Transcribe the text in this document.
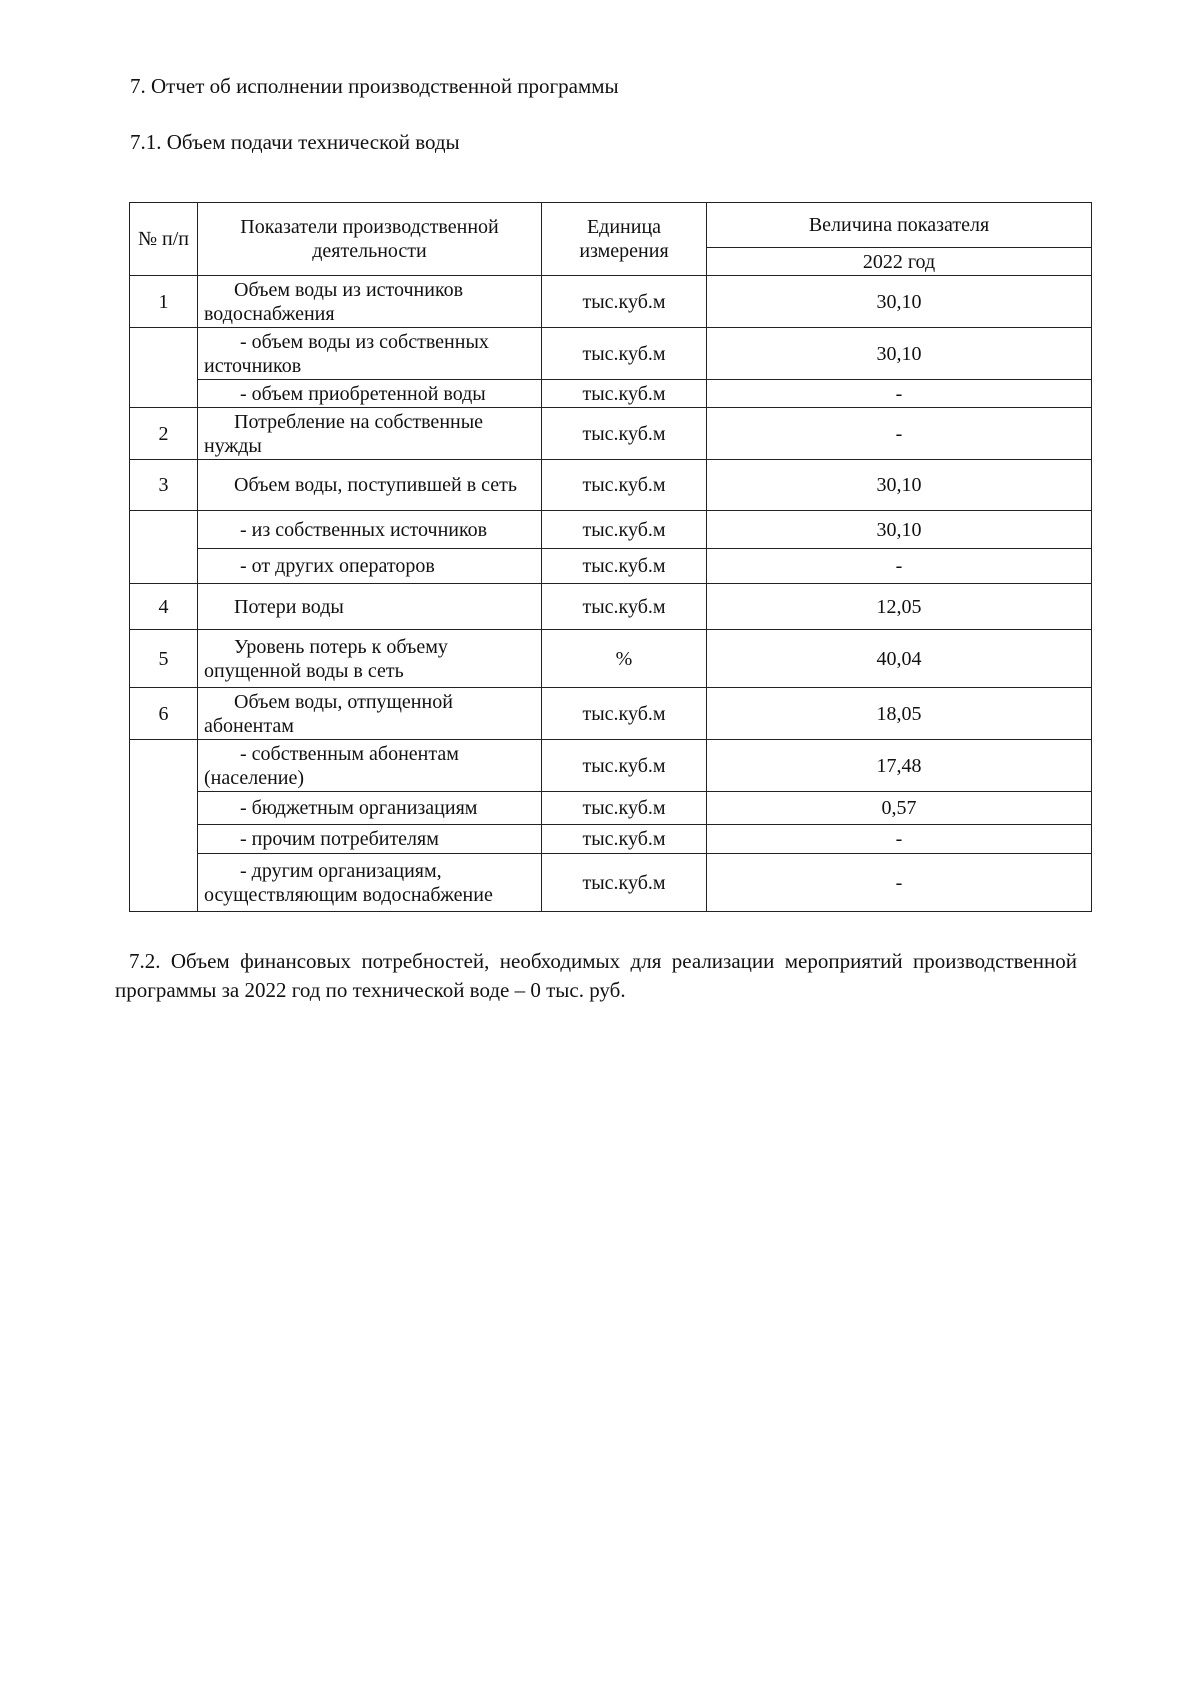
7. Отчет об исполнении производственной программы
7.1. Объем подачи технической воды
№ п/п	Показатели производственной деятельности	Единица измерения	Величина показателя
			2022 год
1	Объем воды из источников водоснабжения	тыс.куб.м	30,10
	- объем воды из собственных источников	тыс.куб.м	30,10
	- объем приобретенной воды	тыс.куб.м	-
2	Потребление на собственные нужды	тыс.куб.м	-
3	Объем воды, поступившей в сеть	тыс.куб.м	30,10
	- из собственных источников	тыс.куб.м	30,10
	- от других операторов	тыс.куб.м	-
4	Потери воды	тыс.куб.м	12,05
5	Уровень потерь к объему опущенной воды в сеть	%	40,04
6	Объем воды, отпущенной абонентам	тыс.куб.м	18,05
	- собственным абонентам (население)	тыс.куб.м	17,48
	- бюджетным организациям	тыс.куб.м	0,57
	- прочим потребителям	тыс.куб.м	-
	- другим организациям, осуществляющим водоснабжение	тыс.куб.м	-

7.2. Объем финансовых потребностей, необходимых для реализации мероприятий производственной программы за 2022 год по технической воде – 0 тыс. руб.
